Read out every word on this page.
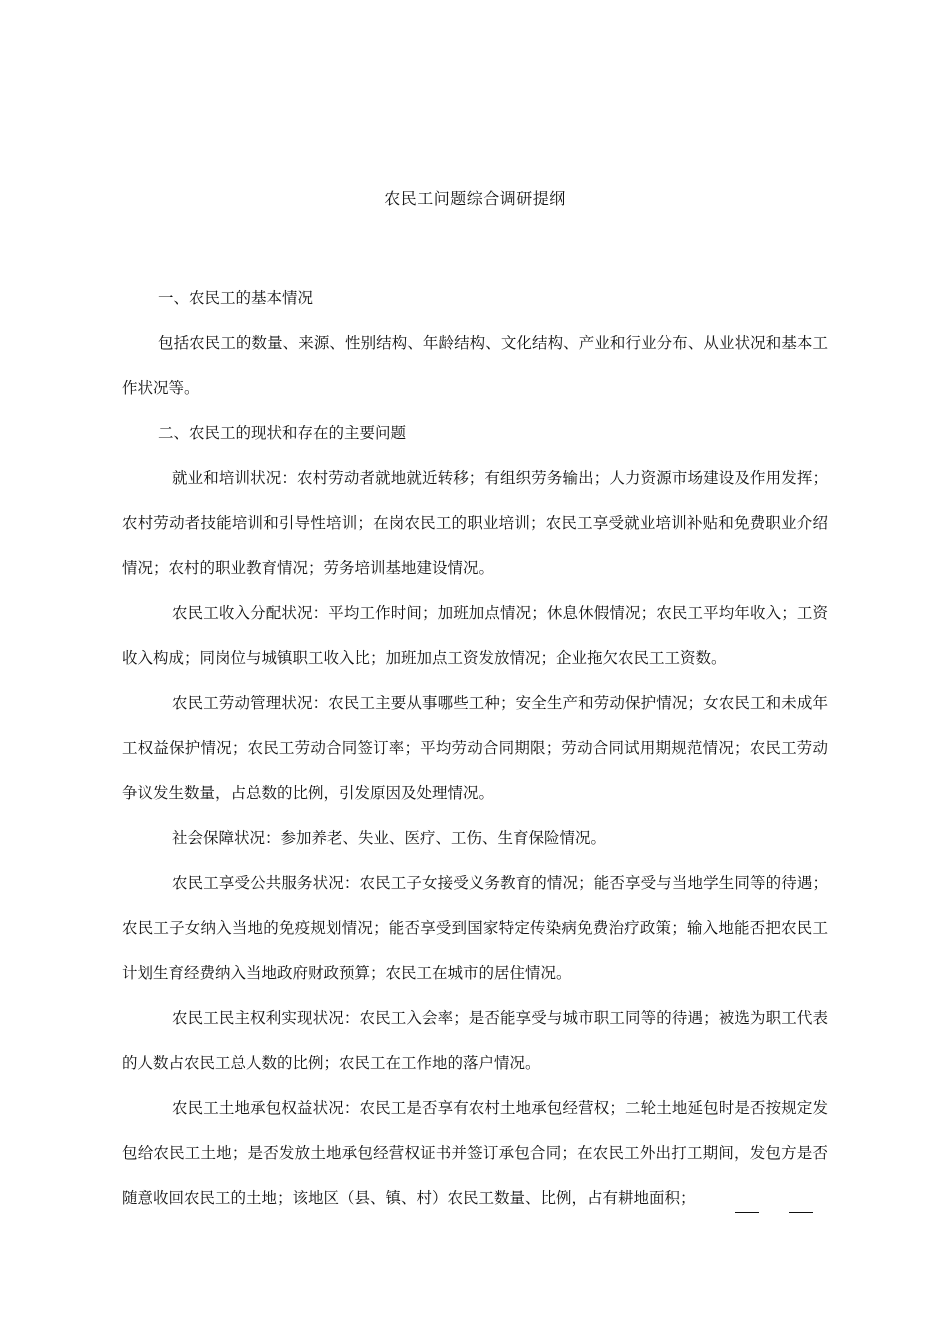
农民工问题综合调研提纲

一、农民工的基本情况

包括农民工的数量、来源、性别结构、年龄结构、文化结构、产业和行业分布、从业状况和基本工作状况等。

二、农民工的现状和存在的主要问题

就业和培训状况：农村劳动者就地就近转移；有组织劳务输出；人力资源市场建设及作用发挥；农村劳动者技能培训和引导性培训；在岗农民工的职业培训；农民工享受就业培训补贴和免费职业介绍情况；农村的职业教育情况；劳务培训基地建设情况。

农民工收入分配状况：平均工作时间；加班加点情况；休息休假情况；农民工平均年收入；工资收入构成；同岗位与城镇职工收入比；加班加点工资发放情况；企业拖欠农民工工资数。

农民工劳动管理状况：农民工主要从事哪些工种；安全生产和劳动保护情况；女农民工和未成年工权益保护情况；农民工劳动合同签订率；平均劳动合同期限；劳动合同试用期规范情况；农民工劳动争议发生数量，占总数的比例，引发原因及处理情况。

社会保障状况：参加养老、失业、医疗、工伤、生育保险情况。

农民工享受公共服务状况：农民工子女接受义务教育的情况；能否享受与当地学生同等的待遇；农民工子女纳入当地的免疫规划情况；能否享受到国家特定传染病免费治疗政策；输入地能否把农民工计划生育经费纳入当地政府财政预算；农民工在城市的居住情况。

农民工民主权利实现状况：农民工入会率；是否能享受与城市职工同等的待遇；被选为职工代表的人数占农民工总人数的比例；农民工在工作地的落户情况。

农民工土地承包权益状况：农民工是否享有农村土地承包经营权；二轮土地延包时是否按规定发包给农民工土地；是否发放土地承包经营权证书并签订承包合同；在农民工外出打工期间，发包方是否随意收回农民工的土地；该地区（县、镇、村）农民工数量、比例，占有耕地面积；
